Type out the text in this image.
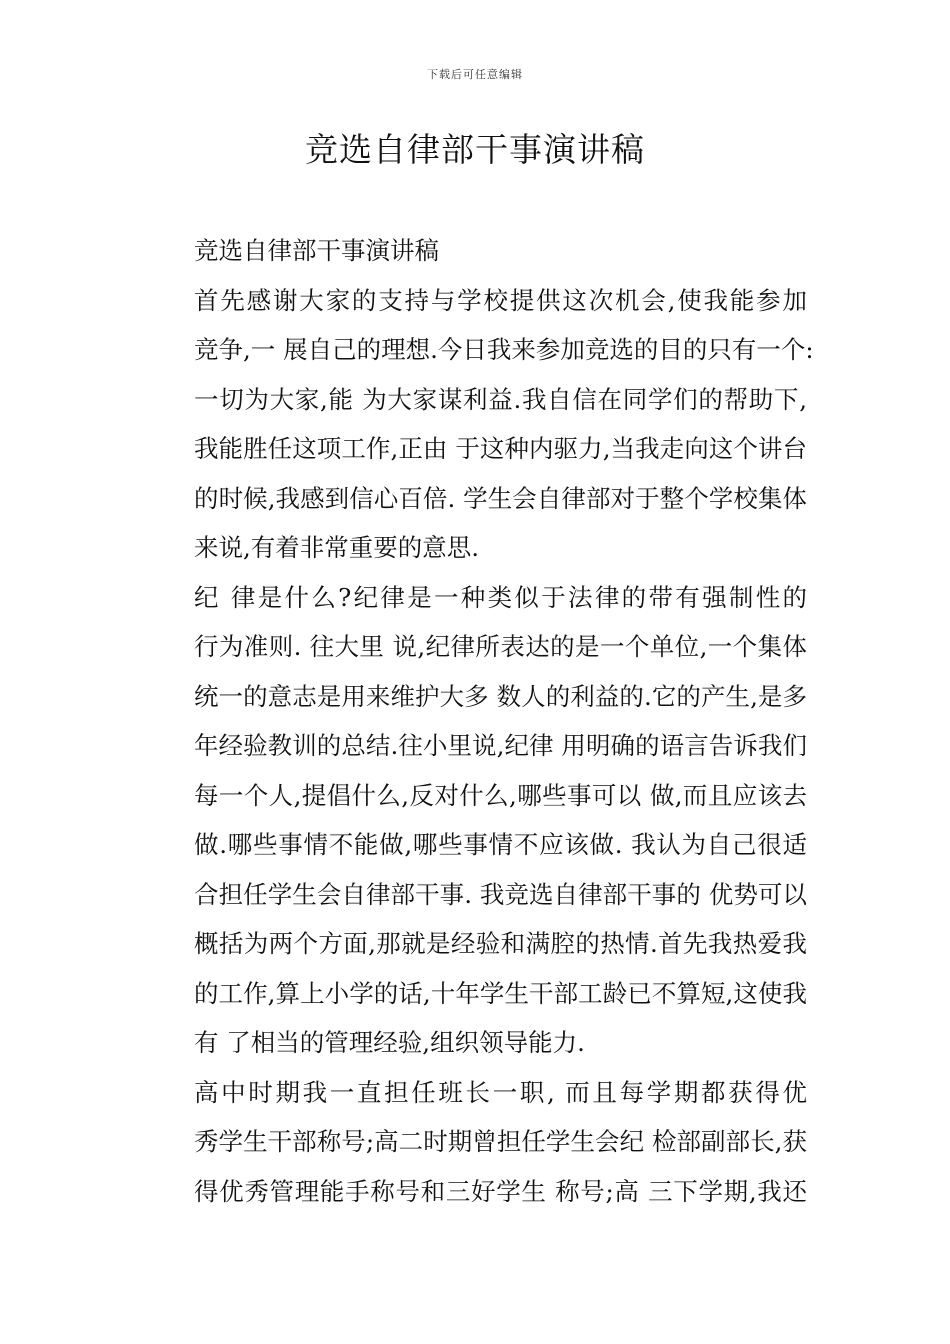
下载后可任意编辑
竞选自律部干事演讲稿

竞选自律部干事演讲稿

首先感谢大家的支持与学校提供这次机会,使我能参加
竞争,一 展自己的理想.今日我来参加竞选的目的只有一个:
一切为大家,能 为大家谋利益.我自信在同学们的帮助下,
我能胜任这项工作,正由 于这种内驱力,当我走向这个讲台
的时候,我感到信心百倍. 学生会自律部对于整个学校集体
来说,有着非常重要的意思.

纪 律是什么?纪律是一种类似于法律的带有强制性的
行为准则. 往大里 说,纪律所表达的是一个单位,一个集体
统一的意志是用来维护大多 数人的利益的.它的产生,是多
年经验教训的总结.往小里说,纪律 用明确的语言告诉我们
每一个人,提倡什么,反对什么,哪些事可以 做,而且应该去
做.哪些事情不能做,哪些事情不应该做. 我认为自己很适
合担任学生会自律部干事. 我竞选自律部干事的 优势可以
概括为两个方面,那就是经验和满腔的热情.首先我热爱我
的工作,算上小学的话,十年学生干部工龄已不算短,这使我
有 了相当的管理经验,组织领导能力.

高中时期我一直担任班长一职, 而且每学期都获得优
秀学生干部称号;高二时期曾担任学生会纪 检部副部长,获
得优秀管理能手称号和三好学生 称号;高 三下学期,我还
